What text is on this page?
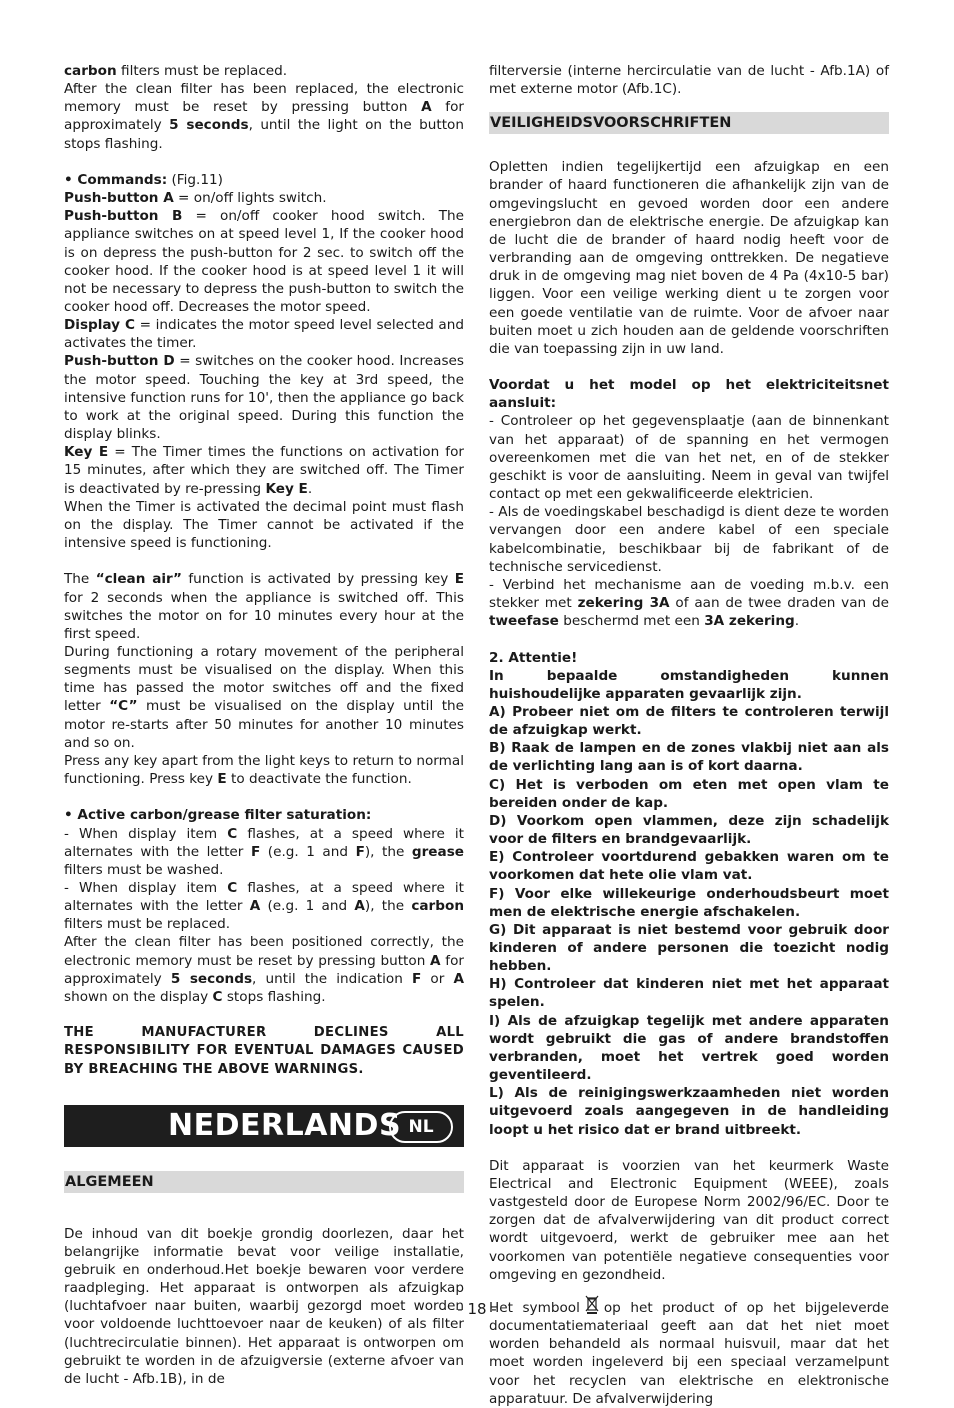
carbon filters must be replaced.

After the clean filter has been replaced, the electronic memory must be reset by pressing button A for approximately 5 seconds, until the light on the button stops flashing.

• Commands: (Fig.11)

Push-button A = on/off lights switch.

Push-button B = on/off cooker hood switch. The appliance switches on at speed level 1, If the cooker hood is on depress the push-button for 2 sec. to switch off the cooker hood. If the cooker hood is at speed level 1 it will not be necessary to depress the push-button to switch the cooker hood off. Decreases the motor speed.

Display C = indicates the motor speed level selected and activates the timer.

Push-button D = switches on the cooker hood. Increases the motor speed. Touching the key at 3rd speed, the intensive function runs for 10', then the appliance go back to work at the original speed. During this function the display blinks.

Key E = The Timer times the functions on activation for 15 minutes, after which they are switched off. The Timer is deactivated by re-pressing Key E.

When the Timer is activated the decimal point must flash on the display. The Timer cannot be activated if the intensive speed is functioning.

The “clean air” function is activated by pressing key E for 2 seconds when the appliance is switched off. This switches the motor on for 10 minutes every hour at the first speed.

During functioning a rotary movement of the peripheral segments must be visualised on the display. When this time has passed the motor switches off and the fixed letter “C” must be visualised on the display until the motor re-starts after 50 minutes for another 10 minutes and so on.

Press any key apart from the light keys to return to normal functioning. Press key E to deactivate the function.

• Active carbon/grease filter saturation:

- When display item C flashes, at a speed where it alternates with the letter F (e.g. 1 and F), the grease filters must be washed.

- When display item C flashes, at a speed where it alternates with the letter A (e.g. 1 and A), the carbon filters must be replaced.

After the clean filter has been positioned correctly, the electronic memory must be reset by pressing button A for approximately 5 seconds, until the indication F or A shown on the display C stops flashing.

THE MANUFACTURER DECLINES ALL RESPONSIBILITY FOR EVENTUAL DAMAGES CAUSED BY BREACHING THE ABOVE WARNINGS.

NEDERLANDS NL
ALGEMEEN

De inhoud van dit boekje grondig doorlezen, daar het belangrijke informatie bevat voor veilige installatie, gebruik en onderhoud.Het boekje bewaren voor verdere raadpleging. Het apparaat is ontworpen als afzuigkap (luchtafvoer naar buiten, waarbij gezorgd moet worden voor voldoende luchttoevoer naar de keuken) of als filter (luchtrecirculatie binnen). Het apparaat is ontworpen om gebruikt te worden in de afzuigversie (externe afvoer van de lucht - Afb.1B), in de

filterversie (interne hercirculatie van de lucht - Afb.1A) of met externe motor (Afb.1C).

VEILIGHEIDSVOORSCHRIFTEN

Opletten indien tegelijkertijd een afzuigkap en een brander of haard functioneren die afhankelijk zijn van de omgevingslucht en gevoed worden door een andere energiebron dan de elektrische energie. De afzuigkap kan de lucht die de brander of haard nodig heeft voor de verbranding aan de omgeving onttrekken. De negatieve druk in de omgeving mag niet boven de 4 Pa (4x10-5 bar) liggen. Voor een veilige werking dient u te zorgen voor een goede ventilatie van de ruimte. Voor de afvoer naar buiten moet u zich houden aan de geldende voorschriften die van toepassing zijn in uw land.

Voordat u het model op het elektriciteitsnet aansluit:

- Controleer op het gegevensplaatje (aan de binnenkant van het apparaat) of de spanning en het vermogen overeenkomen met die van het net, en of de stekker geschikt is voor de aansluiting. Neem in geval van twijfel contact op met een gekwalificeerde elektricien.

- Als de voedingskabel beschadigd is dient deze te worden vervangen door een andere kabel of een speciale kabelcombinatie, beschikbaar bij de fabrikant of de technische servicedienst.

- Verbind het mechanisme aan de voeding m.b.v. een stekker met zekering 3A of aan de twee draden van de tweefase beschermd met een 3A zekering.

2. Attentie!

In bepaalde omstandigheden kunnen huishoudelijke apparaten gevaarlijk zijn.

A) Probeer niet om de filters te controleren terwijl de afzuigkap werkt.

B) Raak de lampen en de zones vlakbij niet aan als de verlichting lang aan is of kort daarna.

C) Het is verboden om eten met open vlam te bereiden onder de kap.

D) Voorkom open vlammen, deze zijn schadelijk voor de filters en brandgevaarlijk.

E) Controleer voortdurend gebakken waren om te voorkomen dat hete olie vlam vat.

F) Voor elke willekeurige onderhoudsbeurt moet men de elektrische energie afschakelen.

G) Dit apparaat is niet bestemd voor gebruik door kinderen of andere personen die toezicht nodig hebben.

H) Controleer dat kinderen niet met het apparaat spelen.

I) Als de afzuigkap tegelijk met andere apparaten wordt gebruikt die gas of andere brandstoffen verbranden, moet het vertrek goed worden geventileerd.

L) Als de reinigingswerkzaamheden niet worden uitgevoerd zoals aangegeven in de handleiding loopt u het risico dat er brand uitbreekt.

Dit apparaat is voorzien van het keurmerk Waste Electrical and Electronic Equipment (WEEE), zoals vastgesteld door de Europese Norm 2002/96/EC. Door te zorgen dat de afvalverwijdering van dit product correct wordt uitgevoerd, werkt de gebruiker mee aan het voorkomen van potentiële negatieve consequenties voor omgeving en gezondheid.

Het symbool op het product of op het bijgeleverde documentatiemateriaal geeft aan dat het niet moet worden behandeld als normaal huisvuil, maar dat het moet worden ingeleverd bij een speciaal verzamelpunt voor het recyclen van elektrische en elektronische apparatuur. De afvalverwijdering

- 18 -
